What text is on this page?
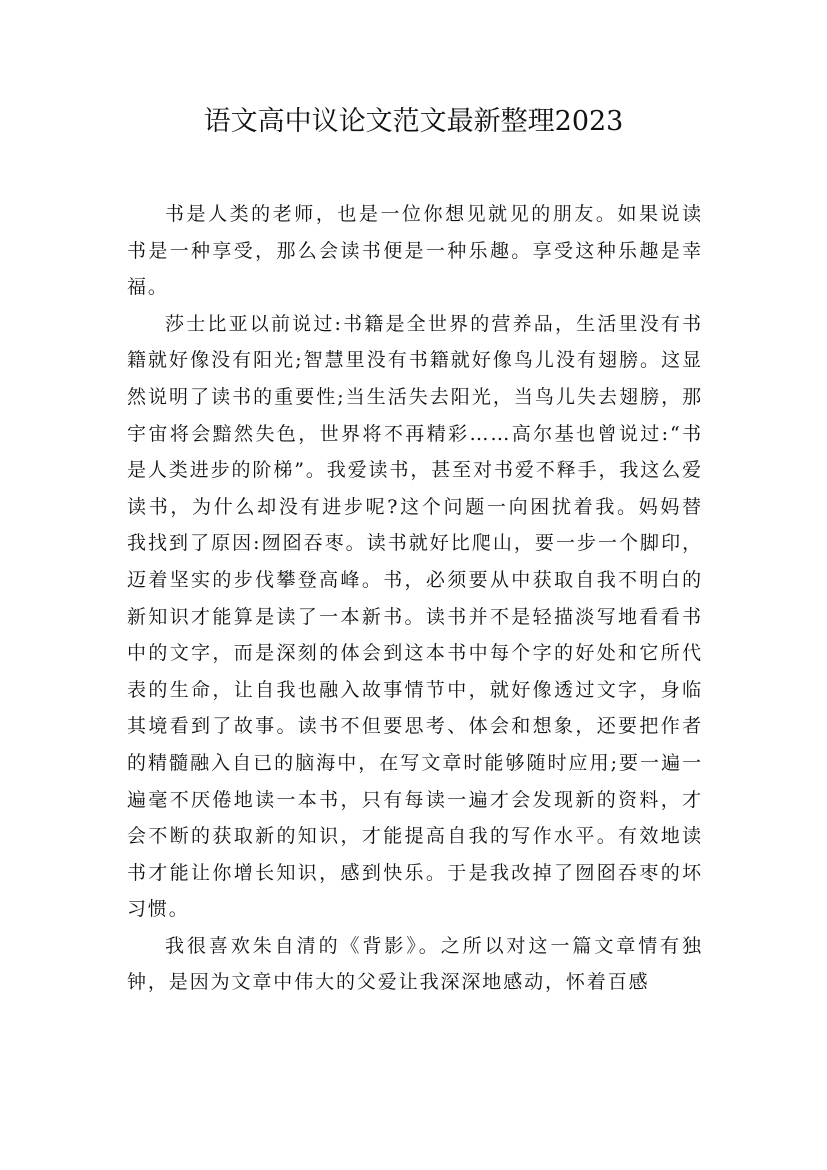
语文高中议论文范文最新整理2023

书是人类的老师，也是一位你想见就见的朋友。如果说读书是一种享受，那么会读书便是一种乐趣。享受这种乐趣是幸福。

莎士比亚以前说过:书籍是全世界的营养品，生活里没有书籍就好像没有阳光;智慧里没有书籍就好像鸟儿没有翅膀。这显然说明了读书的重要性;当生活失去阳光，当鸟儿失去翅膀，那宇宙将会黯然失色，世界将不再精彩……高尔基也曾说过:“书是人类进步的阶梯”。我爱读书，甚至对书爱不释手，我这么爱读书，为什么却没有进步呢?这个问题一向困扰着我。妈妈替我找到了原因:囫囵吞枣。读书就好比爬山，要一步一个脚印，迈着坚实的步伐攀登高峰。书，必须要从中获取自我不明白的新知识才能算是读了一本新书。读书并不是轻描淡写地看看书中的文字，而是深刻的体会到这本书中每个字的好处和它所代表的生命，让自我也融入故事情节中，就好像透过文字，身临其境看到了故事。读书不但要思考、体会和想象，还要把作者的精髓融入自已的脑海中，在写文章时能够随时应用;要一遍一遍毫不厌倦地读一本书，只有每读一遍才会发现新的资料，才会不断的获取新的知识，才能提高自我的写作水平。有效地读书才能让你增长知识，感到快乐。于是我改掉了囫囵吞枣的坏习惯。

我很喜欢朱自清的《背影》。之所以对这一篇文章情有独钟，是因为文章中伟大的父爱让我深深地感动，怀着百感
